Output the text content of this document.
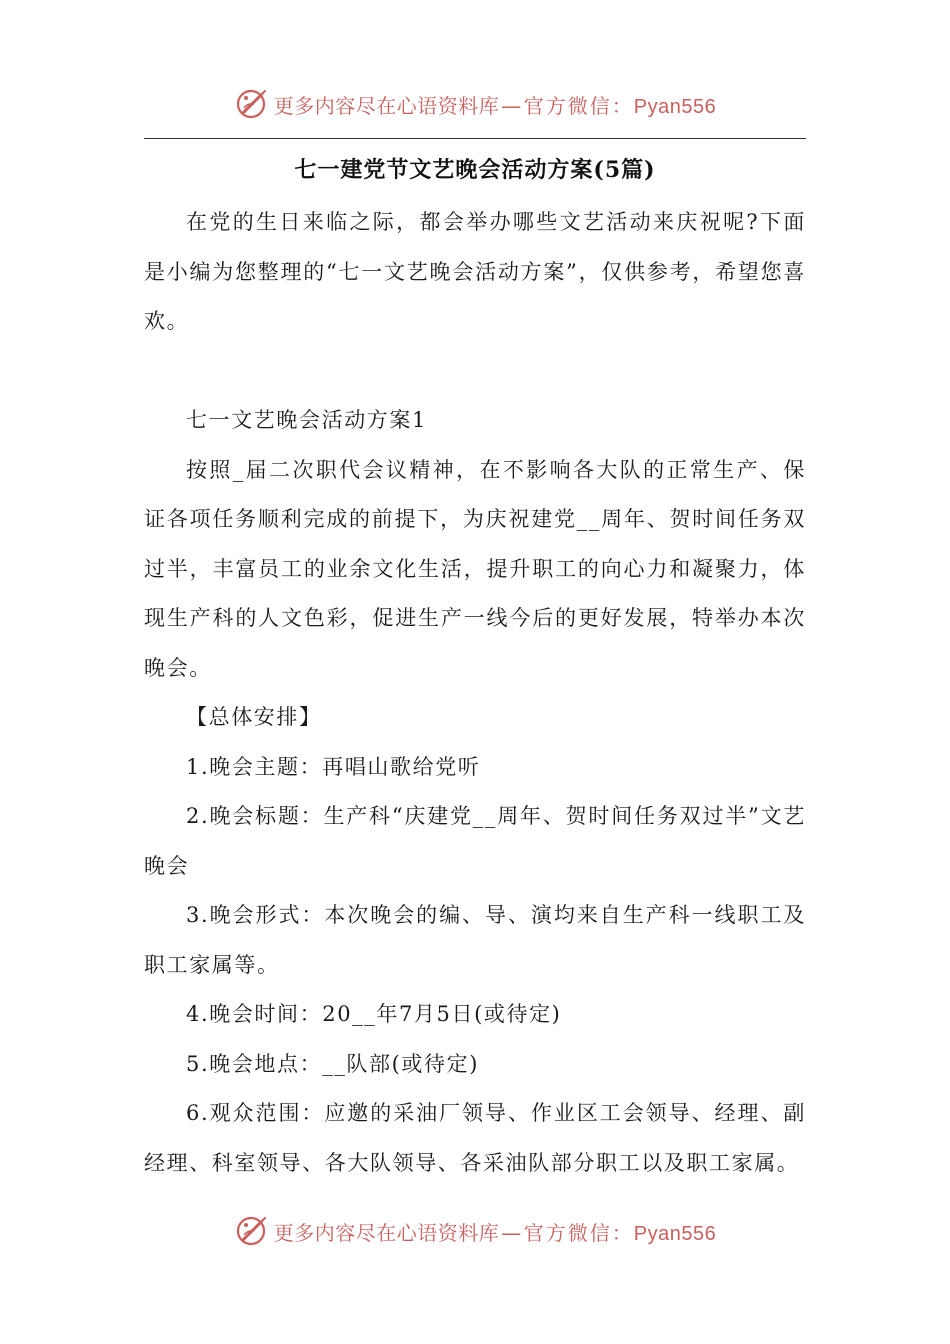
更多内容尽在心语资料库 — 官方微信：Pyan556
七一建党节文艺晚会活动方案(5篇)

在党的生日来临之际，都会举办哪些文艺活动来庆祝呢?下面是小编为您整理的“七一文艺晚会活动方案”，仅供参考，希望您喜欢。

七一文艺晚会活动方案1

按照_届二次职代会议精神，在不影响各大队的正常生产、保证各项任务顺利完成的前提下，为庆祝建党__周年、贺时间任务双过半，丰富员工的业余文化生活，提升职工的向心力和凝聚力，体现生产科的人文色彩，促进生产一线今后的更好发展，特举办本次晚会。

【总体安排】

1.晚会主题：再唱山歌给党听

2.晚会标题：生产科“庆建党__周年、贺时间任务双过半”文艺晚会

3.晚会形式：本次晚会的编、导、演均来自生产科一线职工及职工家属等。

4.晚会时间：20__年7月5日(或待定)

5.晚会地点：__队部(或待定)

6.观众范围：应邀的采油厂领导、作业区工会领导、经理、副经理、科室领导、各大队领导、各采油队部分职工以及职工家属。

更多内容尽在心语资料库 — 官方微信：Pyan556
